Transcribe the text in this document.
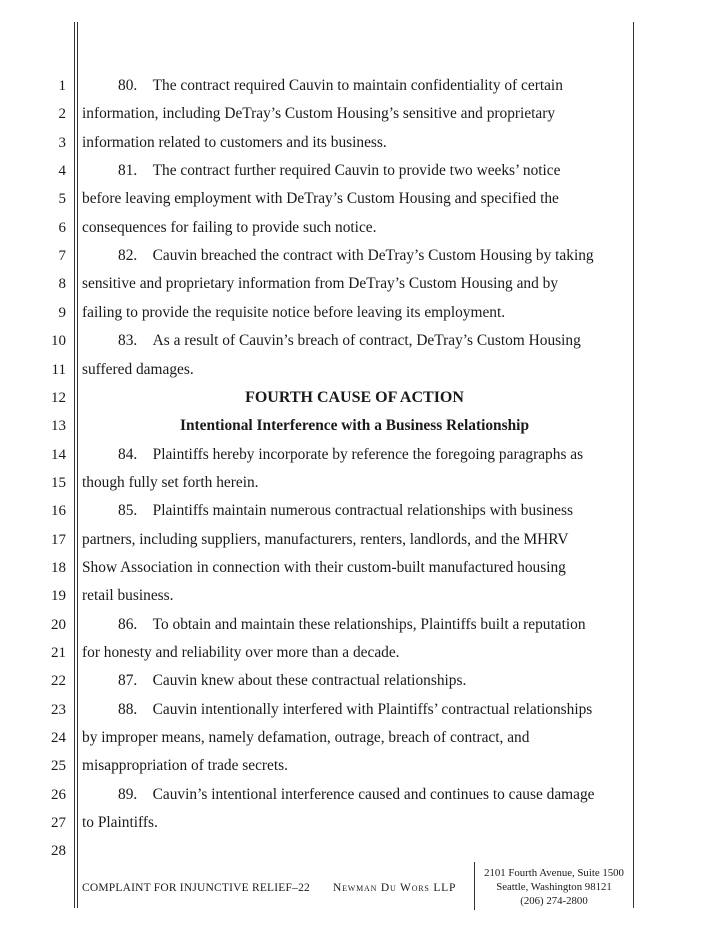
1	80. The contract required Cauvin to maintain confidentiality of certain
2 information, including DeTray’s Custom Housing’s sensitive and proprietary
3 information related to customers and its business.
4	81. The contract further required Cauvin to provide two weeks’ notice
5 before leaving employment with DeTray’s Custom Housing and specified the
6 consequences for failing to provide such notice.
7	82. Cauvin breached the contract with DeTray’s Custom Housing by taking
8 sensitive and proprietary information from DeTray’s Custom Housing and by
9 failing to provide the requisite notice before leaving its employment.
10	83. As a result of Cauvin’s breach of contract, DeTray’s Custom Housing
11 suffered damages.
12	FOURTH CAUSE OF ACTION
13	Intentional Interference with a Business Relationship
14	84. Plaintiffs hereby incorporate by reference the foregoing paragraphs as
15 though fully set forth herein.
16	85. Plaintiffs maintain numerous contractual relationships with business
17 partners, including suppliers, manufacturers, renters, landlords, and the MHRV
18 Show Association in connection with their custom-built manufactured housing
19 retail business.
20	86. To obtain and maintain these relationships, Plaintiffs built a reputation
21 for honesty and reliability over more than a decade.
22	87. Cauvin knew about these contractual relationships.
23	88. Cauvin intentionally interfered with Plaintiffs’ contractual relationships
24 by improper means, namely defamation, outrage, breach of contract, and
25 misappropriation of trade secrets.
26	89. Cauvin’s intentional interference caused and continues to cause damage
27 to Plaintiffs.
28
COMPLAINT FOR INJUNCTIVE RELIEF–22 Newman Du Wors LLP
2101 Fourth Avenue, Suite 1500
Seattle, Washington 98121
(206) 274-2800
